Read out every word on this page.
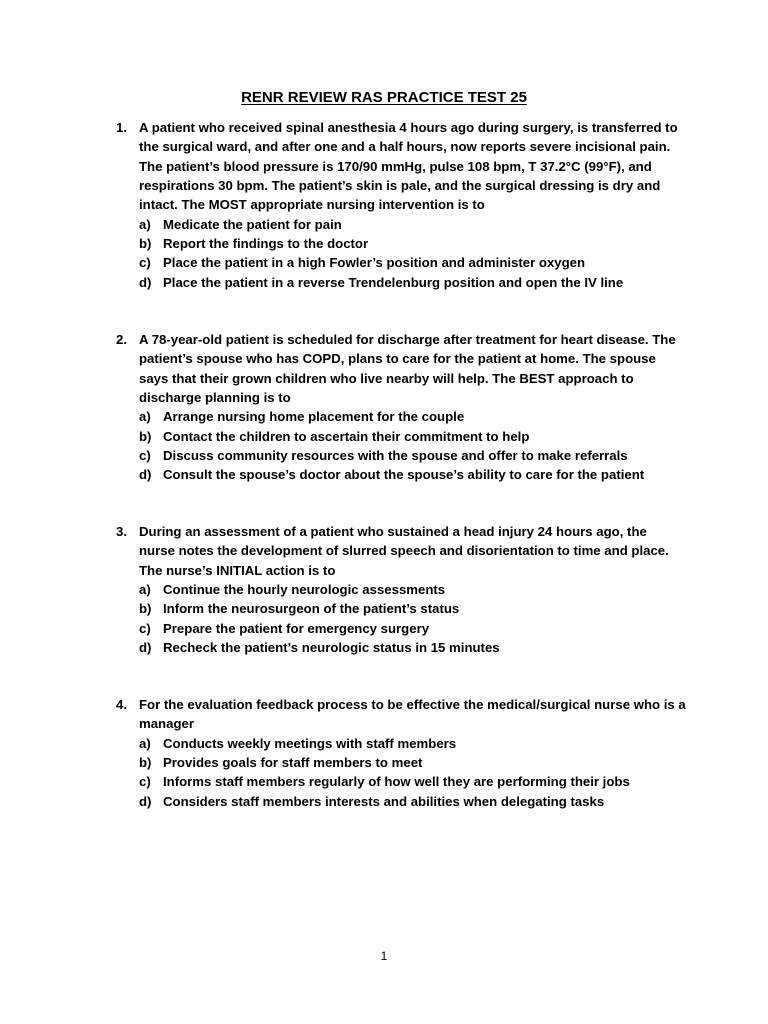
RENR REVIEW RAS PRACTICE TEST 25
1. A patient who received spinal anesthesia 4 hours ago during surgery, is transferred to the surgical ward, and after one and a half hours, now reports severe incisional pain. The patient’s blood pressure is 170/90 mmHg, pulse 108 bpm, T 37.2°C (99°F), and respirations 30 bpm. The patient’s skin is pale, and the surgical dressing is dry and intact. The MOST appropriate nursing intervention is to
a) Medicate the patient for pain
b) Report the findings to the doctor
c) Place the patient in a high Fowler’s position and administer oxygen
d) Place the patient in a reverse Trendelenburg position and open the IV line
2. A 78-year-old patient is scheduled for discharge after treatment for heart disease. The patient’s spouse who has COPD, plans to care for the patient at home. The spouse says that their grown children who live nearby will help. The BEST approach to discharge planning is to
a) Arrange nursing home placement for the couple
b) Contact the children to ascertain their commitment to help
c) Discuss community resources with the spouse and offer to make referrals
d) Consult the spouse’s doctor about the spouse’s ability to care for the patient
3. During an assessment of a patient who sustained a head injury 24 hours ago, the nurse notes the development of slurred speech and disorientation to time and place. The nurse’s INITIAL action is to
a) Continue the hourly neurologic assessments
b) Inform the neurosurgeon of the patient’s status
c) Prepare the patient for emergency surgery
d) Recheck the patient’s neurologic status in 15 minutes
4. For the evaluation feedback process to be effective the medical/surgical nurse who is a manager
a) Conducts weekly meetings with staff members
b) Provides goals for staff members to meet
c) Informs staff members regularly of how well they are performing their jobs
d) Considers staff members interests and abilities when delegating tasks
1
